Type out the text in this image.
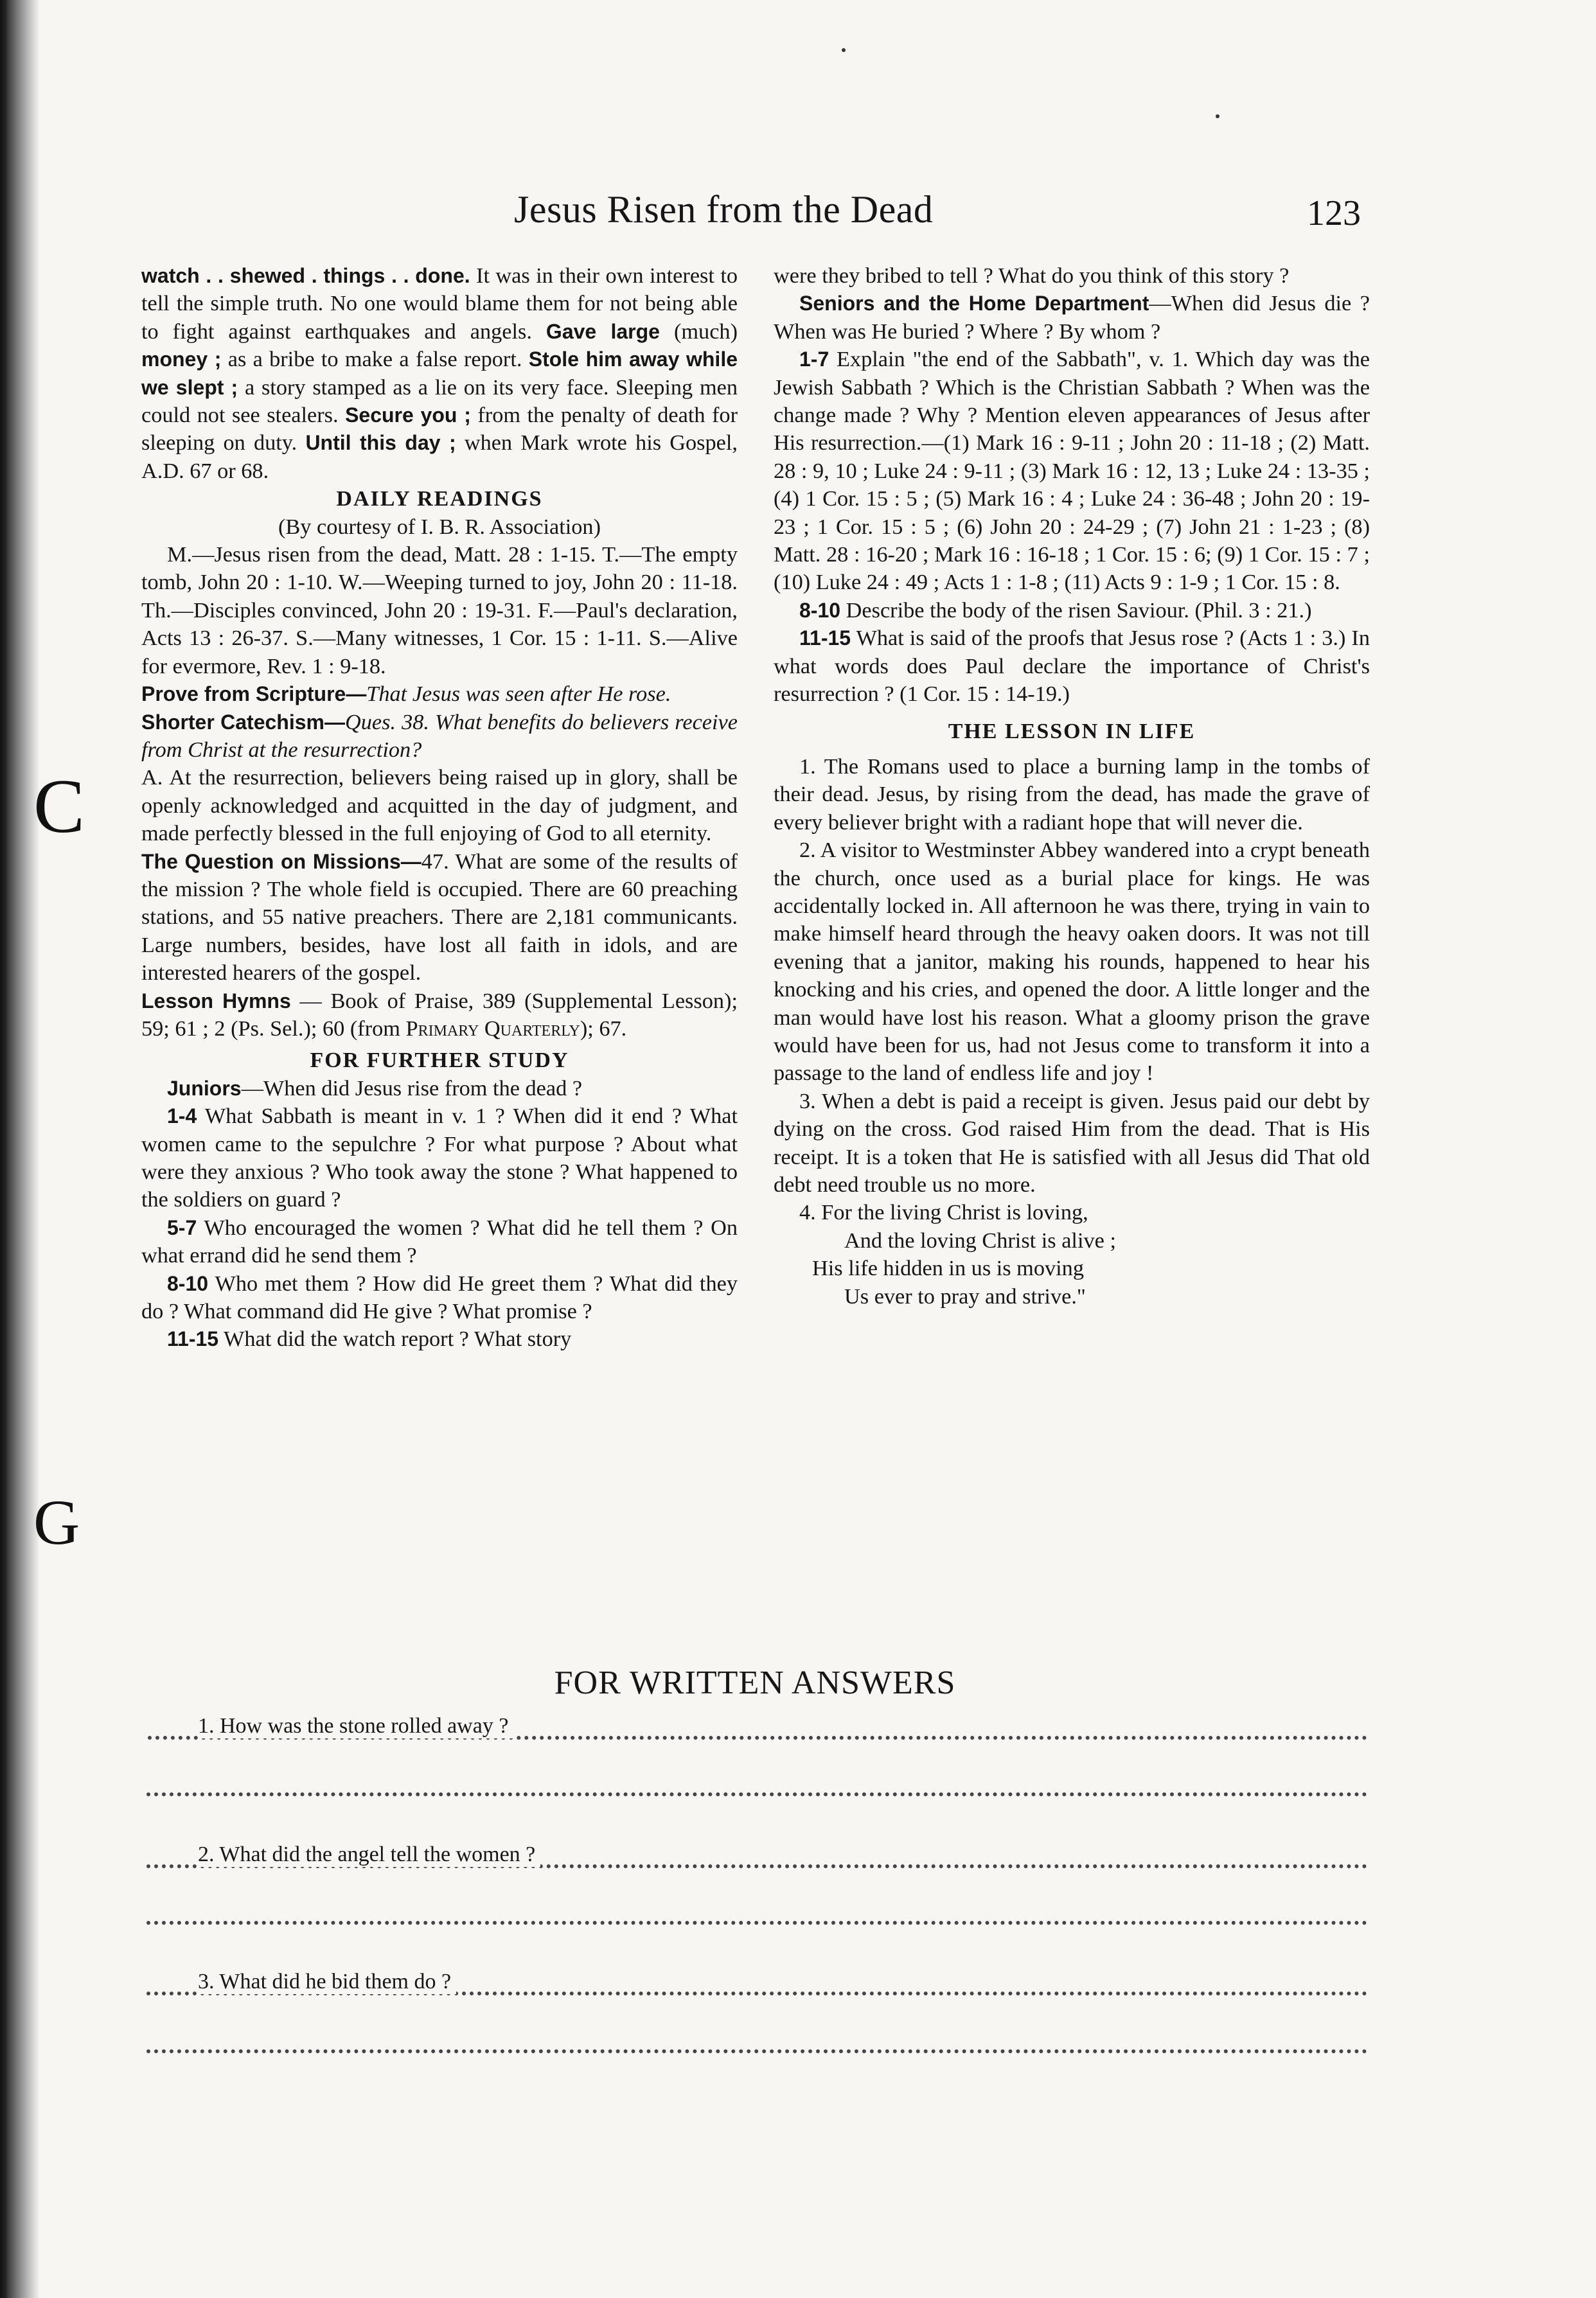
C
G
Jesus Risen from the Dead	123

watch . . shewed . things . . done. It was in their own interest to tell the simple truth. No one would blame them for not being able to fight against earthquakes and angels. Gave large (much) money ; as a bribe to make a false report. Stole him away while we slept ; a story stamped as a lie on its very face. Sleeping men could not see stealers. Secure you ; from the penalty of death for sleeping on duty. Until this day ; when Mark wrote his Gospel, A.D. 67 or 68.

DAILY READINGS

(By courtesy of I. B. R. Association)

M.—Jesus risen from the dead, Matt. 28 : 1-15. T.—The empty tomb, John 20 : 1-10. W.—Weeping turned to joy, John 20 : 11-18. Th.—Disciples convinced, John 20 : 19-31. F.—Paul's declaration, Acts 13 : 26-37. S.—Many witnesses, 1 Cor. 15 : 1-11. S.—Alive for evermore, Rev. 1 : 9-18.

Prove from Scripture—That Jesus was seen after He rose.

Shorter Catechism—Ques. 38. What benefits do believers receive from Christ at the resurrection?

A. At the resurrection, believers being raised up in glory, shall be openly acknowledged and acquitted in the day of judgment, and made perfectly blessed in the full enjoying of God to all eternity.

The Question on Missions—47. What are some of the results of the mission ? The whole field is occupied. There are 60 preaching stations, and 55 native preachers. There are 2,181 communicants. Large numbers, besides, have lost all faith in idols, and are interested hearers of the gospel.

Lesson Hymns — Book of Praise, 389 (Supplemental Lesson); 59; 61 ; 2 (Ps. Sel.); 60 (from Primary Quarterly); 67.

FOR FURTHER STUDY

Juniors—When did Jesus rise from the dead ?

1-4 What Sabbath is meant in v. 1 ? When did it end ? What women came to the sepulchre ? For what purpose ? About what were they anxious ? Who took away the stone ? What happened to the soldiers on guard ?

5-7 Who encouraged the women ? What did he tell them ? On what errand did he send them ?

8-10 Who met them ? How did He greet them ? What did they do ? What command did He give ? What promise ?

11-15 What did the watch report ? What story

were they bribed to tell ? What do you think of this story ?

Seniors and the Home Department—When did Jesus die ? When was He buried ? Where ? By whom ?

1-7 Explain "the end of the Sabbath", v. 1. Which day was the Jewish Sabbath ? Which is the Christian Sabbath ? When was the change made ? Why ? Mention eleven appearances of Jesus after His resurrection.—(1) Mark 16 : 9-11 ; John 20 : 11-18 ; (2) Matt. 28 : 9, 10 ; Luke 24 : 9-11 ; (3) Mark 16 : 12, 13 ; Luke 24 : 13-35 ; (4) 1 Cor. 15 : 5 ; (5) Mark 16 : 4 ; Luke 24 : 36-48 ; John 20 : 19-23 ; 1 Cor. 15 : 5 ; (6) John 20 : 24-29 ; (7) John 21 : 1-23 ; (8) Matt. 28 : 16-20 ; Mark 16 : 16-18 ; 1 Cor. 15 : 6; (9) 1 Cor. 15 : 7 ; (10) Luke 24 : 49 ; Acts 1 : 1-8 ; (11) Acts 9 : 1-9 ; 1 Cor. 15 : 8.

8-10 Describe the body of the risen Saviour. (Phil. 3 : 21.)

11-15 What is said of the proofs that Jesus rose ? (Acts 1 : 3.) In what words does Paul declare the importance of Christ's resurrection ? (1 Cor. 15 : 14-19.)

THE LESSON IN LIFE

1. The Romans used to place a burning lamp in the tombs of their dead. Jesus, by rising from the dead, has made the grave of every believer bright with a radiant hope that will never die.

2. A visitor to Westminster Abbey wandered into a crypt beneath the church, once used as a burial place for kings. He was accidentally locked in. All afternoon he was there, trying in vain to make himself heard through the heavy oaken doors. It was not till evening that a janitor, making his rounds, happened to hear his knocking and his cries, and opened the door. A little longer and the man would have lost his reason. What a gloomy prison the grave would have been for us, had not Jesus come to transform it into a passage to the land of endless life and joy !

3. When a debt is paid a receipt is given. Jesus paid our debt by dying on the cross. God raised Him from the dead. That is His receipt. It is a token that He is satisfied with all Jesus did That old debt need trouble us no more.

4. For the living Christ is loving,

And the loving Christ is alive ;

His life hidden in us is moving

Us ever to pray and strive."

FOR WRITTEN ANSWERS
1. How was the stone rolled away ?
2. What did the angel tell the women ?
3. What did he bid them do ?
